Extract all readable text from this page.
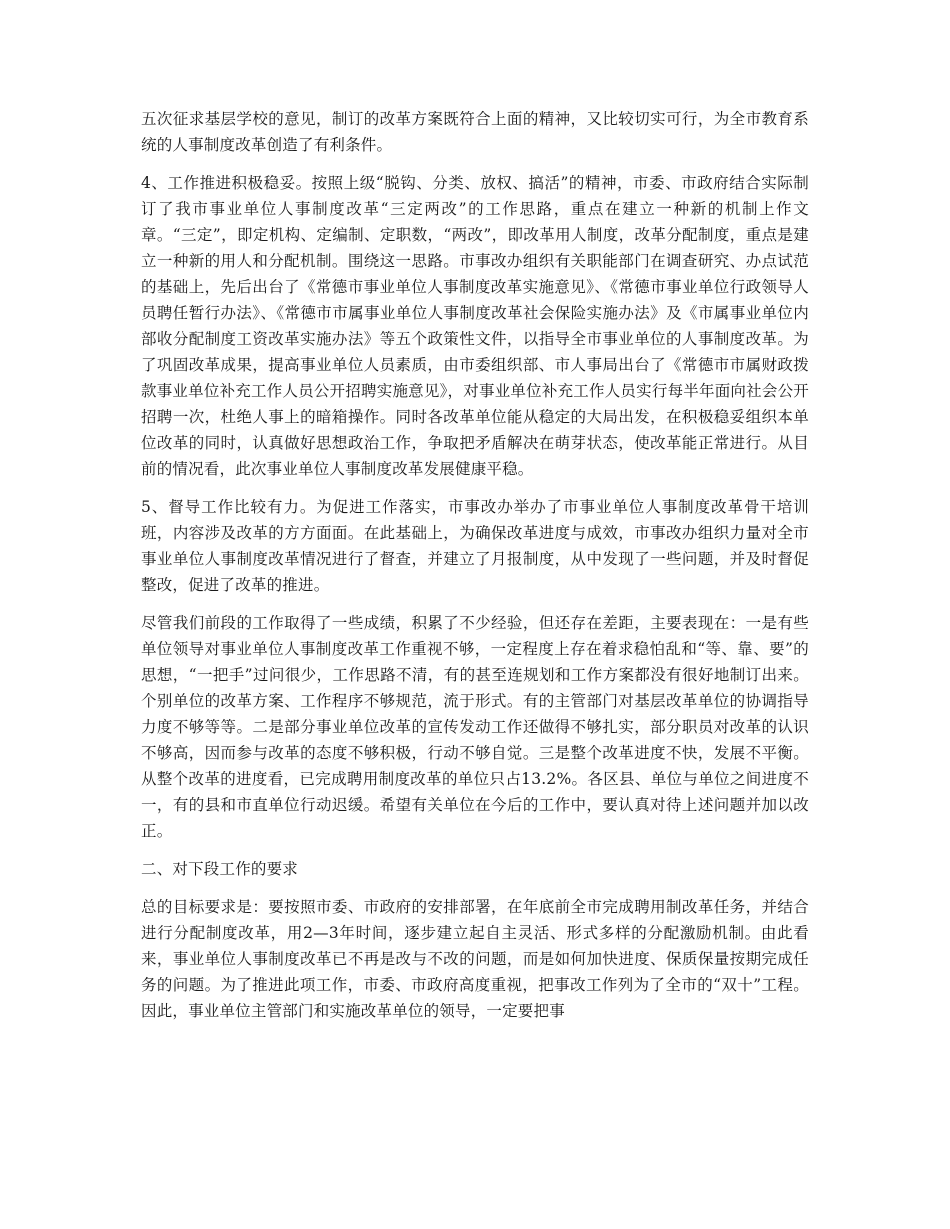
五次征求基层学校的意见，制订的改革方案既符合上面的精神，又比较切实可行，为全市教育系统的人事制度改革创造了有利条件。

4、工作推进积极稳妥。按照上级“脱钩、分类、放权、搞活”的精神，市委、市政府结合实际制订了我市事业单位人事制度改革“三定两改”的工作思路，重点在建立一种新的机制上作文章。“三定”，即定机构、定编制、定职数，“两改”，即改革用人制度，改革分配制度，重点是建立一种新的用人和分配机制。围绕这一思路。市事改办组织有关职能部门在调查研究、办点试范的基础上，先后出台了《常德市事业单位人事制度改革实施意见》、《常德市事业单位行政领导人员聘任暂行办法》、《常德市市属事业单位人事制度改革社会保险实施办法》及《市属事业单位内部收分配制度工资改革实施办法》等五个政策性文件，以指导全市事业单位的人事制度改革。为了巩固改革成果，提高事业单位人员素质，由市委组织部、市人事局出台了《常德市市属财政拨款事业单位补充工作人员公开招聘实施意见》，对事业单位补充工作人员实行每半年面向社会公开招聘一次，杜绝人事上的暗箱操作。同时各改革单位能从稳定的大局出发，在积极稳妥组织本单位改革的同时，认真做好思想政治工作，争取把矛盾解决在萌芽状态，使改革能正常进行。从目前的情况看，此次事业单位人事制度改革发展健康平稳。

5、督导工作比较有力。为促进工作落实，市事改办举办了市事业单位人事制度改革骨干培训班，内容涉及改革的方方面面。在此基础上，为确保改革进度与成效，市事改办组织力量对全市事业单位人事制度改革情况进行了督查，并建立了月报制度，从中发现了一些问题，并及时督促整改，促进了改革的推进。

尽管我们前段的工作取得了一些成绩，积累了不少经验，但还存在差距，主要表现在：一是有些单位领导对事业单位人事制度改革工作重视不够，一定程度上存在着求稳怕乱和“等、靠、要”的思想，“一把手”过问很少，工作思路不清，有的甚至连规划和工作方案都没有很好地制订出来。个别单位的改革方案、工作程序不够规范，流于形式。有的主管部门对基层改革单位的协调指导力度不够等等。二是部分事业单位改革的宣传发动工作还做得不够扎实，部分职员对改革的认识不够高，因而参与改革的态度不够积极，行动不够自觉。三是整个改革进度不快，发展不平衡。从整个改革的进度看，已完成聘用制度改革的单位只占13.2%。各区县、单位与单位之间进度不一，有的县和市直单位行动迟缓。希望有关单位在今后的工作中，要认真对待上述问题并加以改正。

二、对下段工作的要求

总的目标要求是：要按照市委、市政府的安排部署，在年底前全市完成聘用制改革任务，并结合进行分配制度改革，用2—3年时间，逐步建立起自主灵活、形式多样的分配激励机制。由此看来，事业单位人事制度改革已不再是改与不改的问题，而是如何加快进度、保质保量按期完成任务的问题。为了推进此项工作，市委、市政府高度重视，把事改工作列为了全市的“双十”工程。因此，事业单位主管部门和实施改革单位的领导，一定要把事
